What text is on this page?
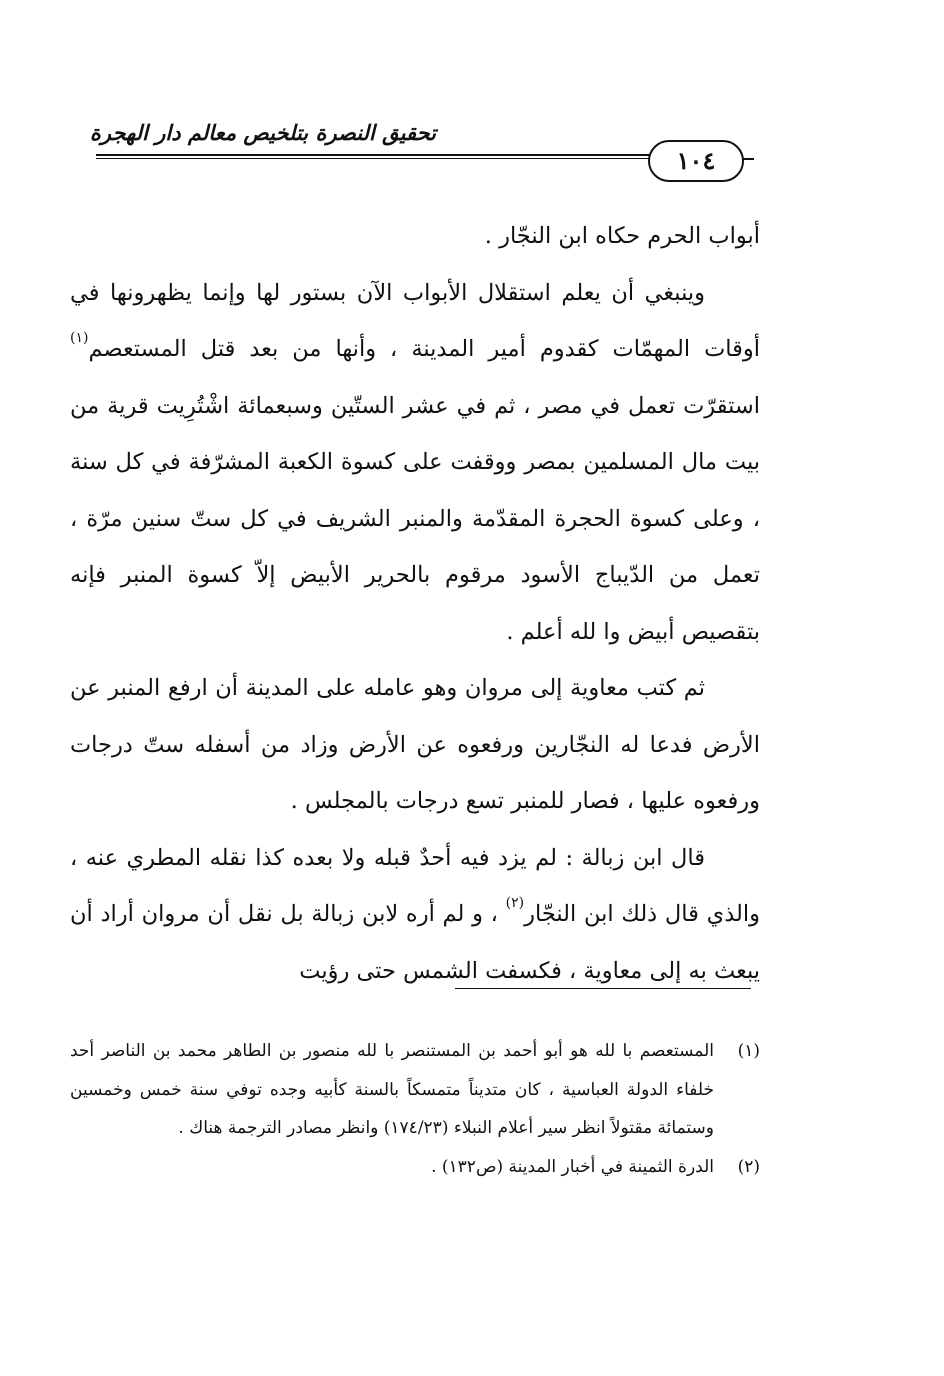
تحقيق النصرة بتلخيص معالم دار الهجرة
١٠٤

أبواب الحرم حكاه ابن النجّار .

وينبغي أن يعلم استقلال الأبواب الآن بستور لها وإنما يظهرونها في أوقات المهمّات كقدوم أمير المدينة ، وأنها من بعد قتل المستعصم$^{(١)}$ استقرّت تعمل في مصر ، ثم في عشر الستّين وسبعمائة اشْتُرِيت قرية من بيت مال المسلمين بمصر ووقفت على كسوة الكعبة المشرّفة في كل سنة ، وعلى كسوة الحجرة المقدّمة والمنبر الشريف في كل ستّ سنين مرّة ، تعمل من الدّيباج الأسود مرقوم بالحرير الأبيض إلاّ كسوة المنبر فإنه بتقصيص أبيض وا لله أعلم .

ثم كتب معاوية إلى مروان وهو عامله على المدينة أن ارفع المنبر عن الأرض فدعا له النجّارين ورفعوه عن الأرض وزاد من أسفله ستّ درجات ورفعوه عليها ، فصار للمنبر تسع درجات بالمجلس .

قال ابن زبالة : لم يزد فيه أحدٌ قبله ولا بعده كذا نقله المطري عنه ، والذي قال ذلك ابن النجّار$^{(٢)}$ ، و لم أره لابن زبالة بل نقل أن مروان أراد أن يبعث به إلى معاوية ، فكسفت الشمس حتى رؤيت

(١)
المستعصم با لله هو أبو أحمد بن المستنصر با لله منصور بن الطاهر محمد بن الناصر أحد خلفاء الدولة العباسية ، كان متديناً متمسكاً بالسنة كأبيه وجده توفي سنة خمس وخمسين وستمائة مقتولاً انظر سير أعلام النبلاء (١٧٤/٢٣) وانظر مصادر الترجمة هناك .
(٢)
الدرة الثمينة في أخبار المدينة (ص١٣٢) .
